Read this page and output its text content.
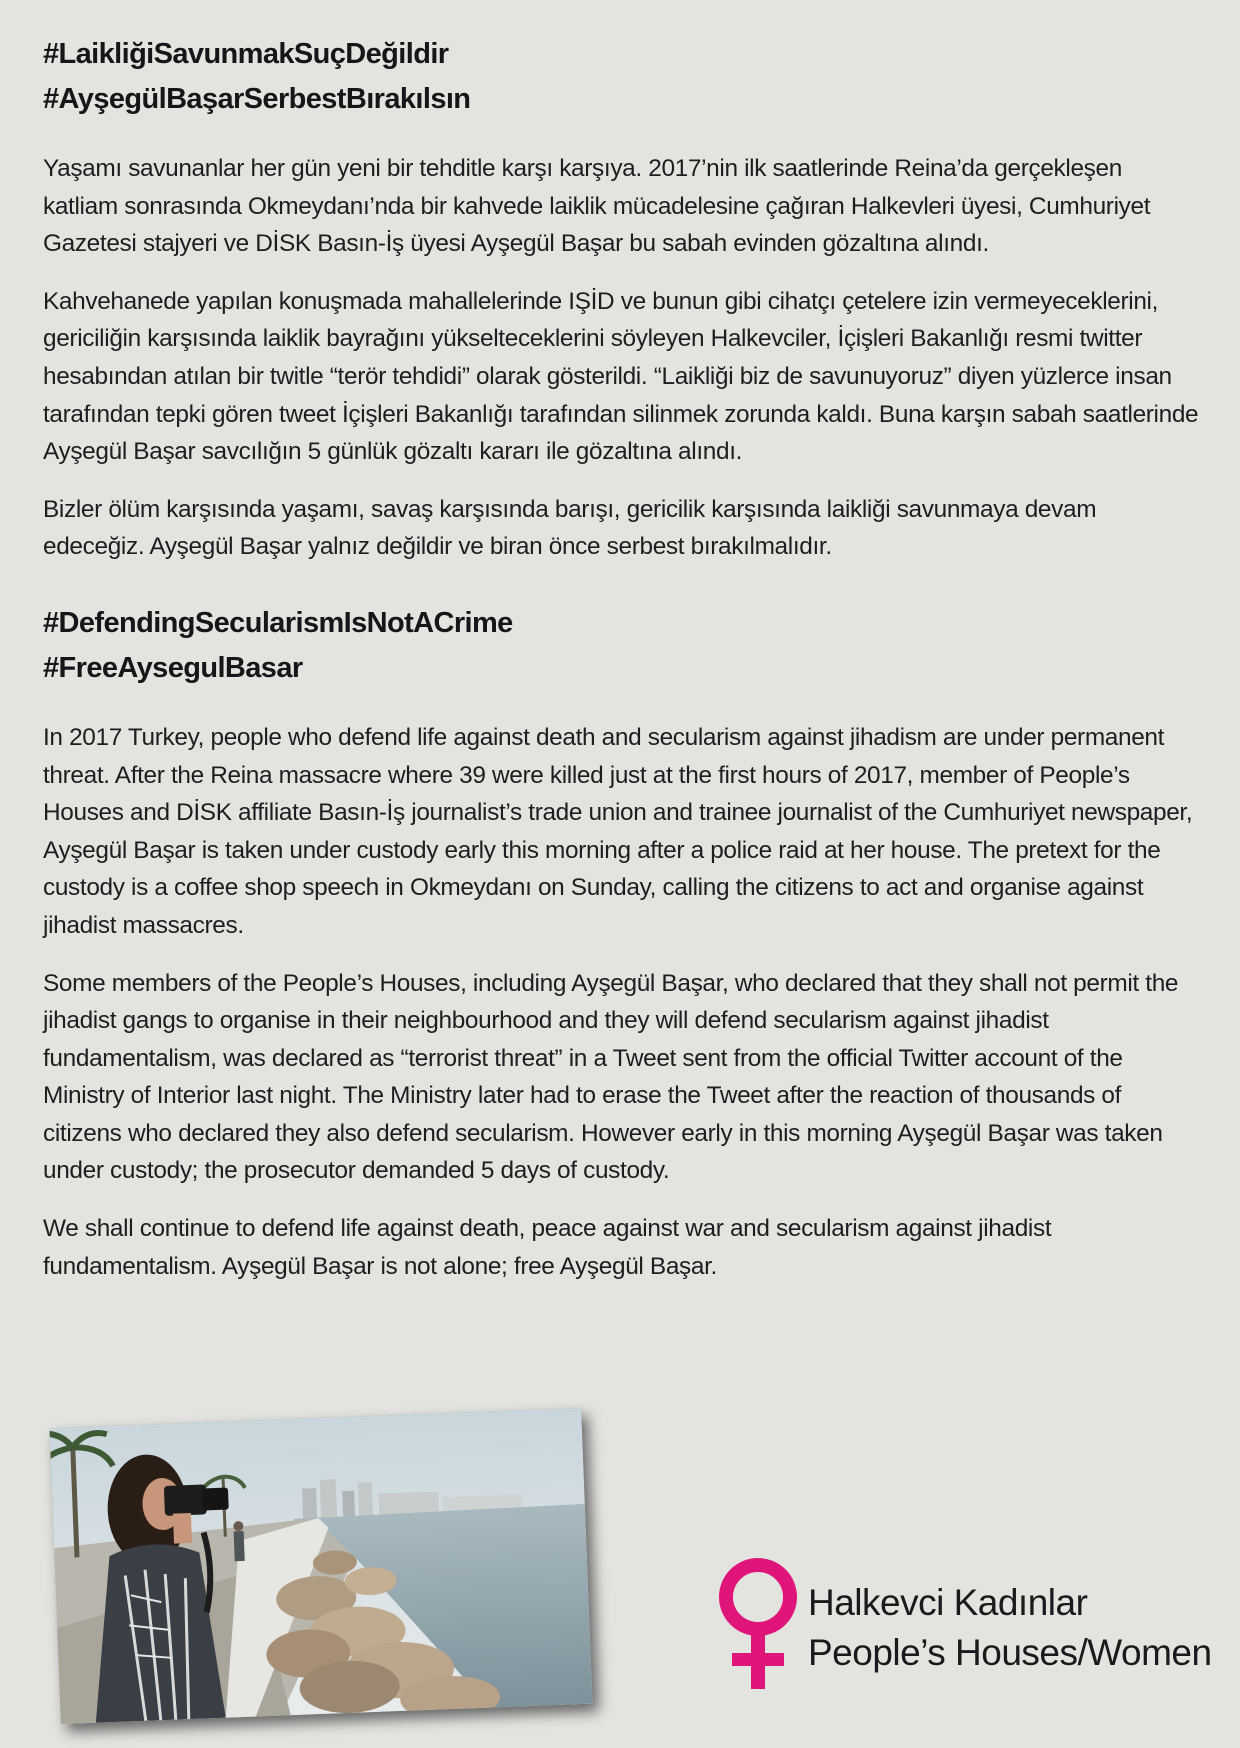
#LaikliğiSavunmakSuçDeğildir
#AyşegülBaşarSerbestBırakılsın

Yaşamı savunanlar her gün yeni bir tehditle karşı karşıya. 2017’nin ilk saatlerinde Reina’da gerçekleşen katliam sonrasında Okmeydanı’nda bir kahvede laiklik mücadelesine çağıran Halkevleri üyesi, Cumhuriyet Gazetesi stajyeri ve DİSK Basın-İş üyesi Ayşegül Başar bu sabah evinden gözaltına alındı.

Kahvehanede yapılan konuşmada mahallelerinde IŞİD ve bunun gibi cihatçı çetelere izin vermeyeceklerini, gericiliğin karşısında laiklik bayrağını yükselteceklerini söyleyen Halkevciler, İçişleri Bakanlığı resmi twitter hesabından atılan bir twitle “terör tehdidi” olarak gösterildi. “Laikliği biz de savunuyoruz” diyen yüzlerce insan tarafından tepki gören tweet İçişleri Bakanlığı tarafından silinmek zorunda kaldı. Buna karşın sabah saatlerinde Ayşegül Başar savcılığın 5 günlük gözaltı kararı ile gözaltına alındı.

Bizler ölüm karşısında yaşamı, savaş karşısında barışı, gericilik karşısında laikliği savunmaya devam edeceğiz. Ayşegül Başar yalnız değildir ve biran önce serbest bırakılmalıdır.

#DefendingSecularismIsNotACrime
#FreeAysegulBasar

In 2017 Turkey, people who defend life against death and secularism against jihadism are under permanent threat. After the Reina massacre where 39 were killed just at the first hours of 2017, member of People’s Houses and DİSK affiliate Basın-İş journalist’s trade union and trainee journalist of the Cumhuriyet newspaper, Ayşegül Başar is taken under custody early this morning after a police raid at her house. The pretext for the custody is a coffee shop speech in Okmeydanı on Sunday, calling the citizens to act and organise against jihadist massacres.

Some members of the People’s Houses, including Ayşegül Başar, who declared that they shall not permit the jihadist gangs to organise in their neighbourhood and they will defend secularism against jihadist fundamentalism, was declared as “terrorist threat” in a Tweet sent from the official Twitter account of the Ministry of Interior last night. The Ministry later had to erase the Tweet after the reaction of thousands of citizens who declared they also defend secularism. However early in this morning Ayşegül Başar was taken under custody; the prosecutor demanded 5 days of custody.

We shall continue to defend life against death, peace against war and secularism against jihadist fundamentalism. Ayşegül Başar is not alone; free Ayşegül Başar.

Halkevci Kadınlar
People’s Houses/Women
